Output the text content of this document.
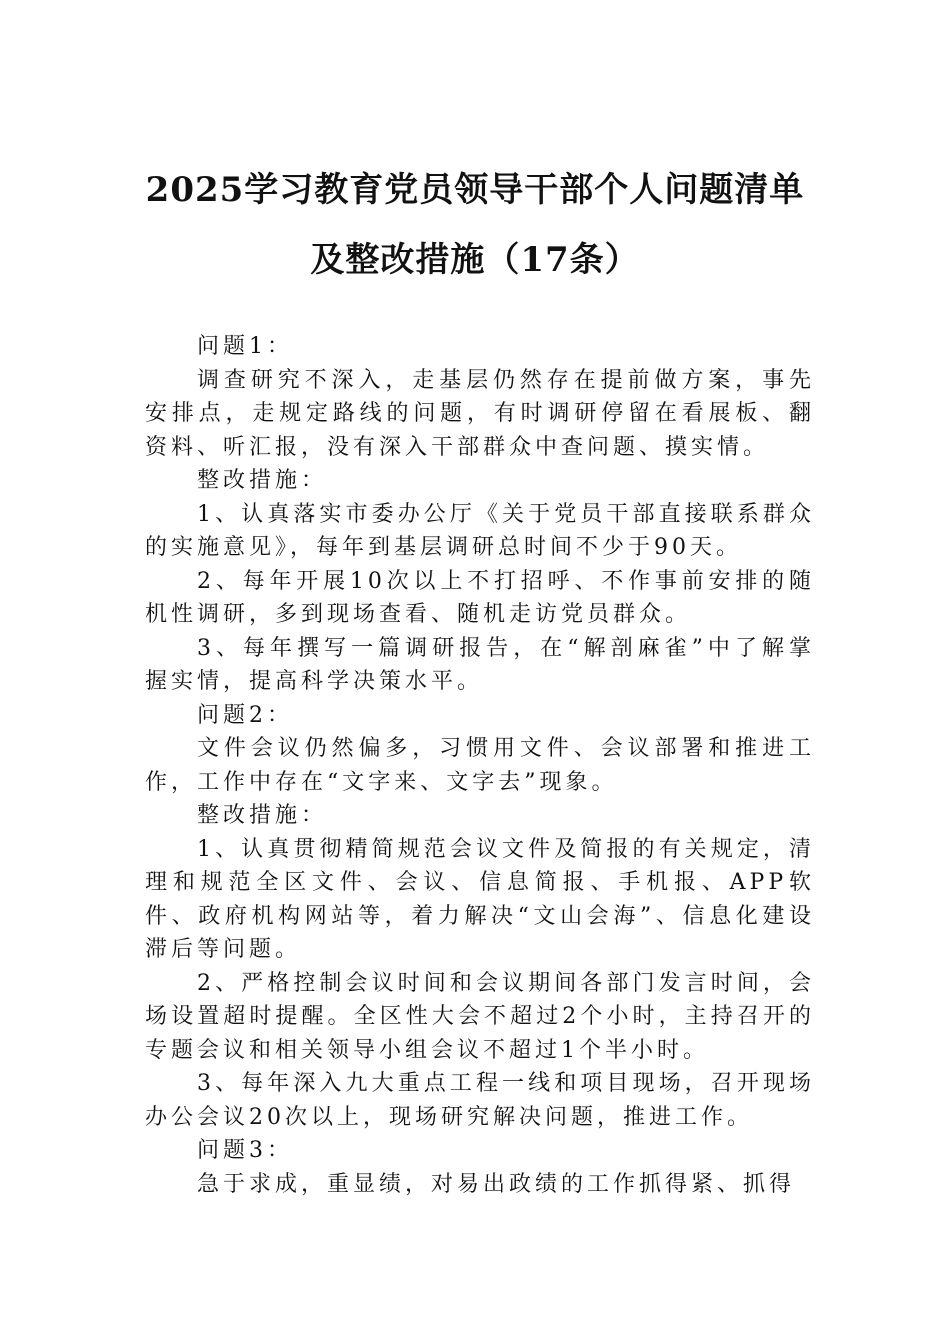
2025学习教育党员领导干部个人问题清单
及整改措施（17条）

问题1：

调查研究不深入，走基层仍然存在提前做方案，事先安排点，走规定路线的问题，有时调研停留在看展板、翻资料、听汇报，没有深入干部群众中查问题、摸实情。

整改措施：

1、认真落实市委办公厅《关于党员干部直接联系群众的实施意见》，每年到基层调研总时间不少于90天。

2、每年开展10次以上不打招呼、不作事前安排的随机性调研，多到现场查看、随机走访党员群众。

3、每年撰写一篇调研报告，在“解剖麻雀”中了解掌握实情，提高科学决策水平。

问题2：

文件会议仍然偏多，习惯用文件、会议部署和推进工作，工作中存在“文字来、文字去”现象。

整改措施：

1、认真贯彻精简规范会议文件及简报的有关规定，清理和规范全区文件、会议、信息简报、手机报、APP软件、政府机构网站等，着力解决“文山会海”、信息化建设滞后等问题。

2、严格控制会议时间和会议期间各部门发言时间，会场设置超时提醒。全区性大会不超过2个小时，主持召开的专题会议和相关领导小组会议不超过1个半小时。

3、每年深入九大重点工程一线和项目现场，召开现场办公会议20次以上，现场研究解决问题，推进工作。

问题3：

急于求成，重显绩，对易出政绩的工作抓得紧、抓得
